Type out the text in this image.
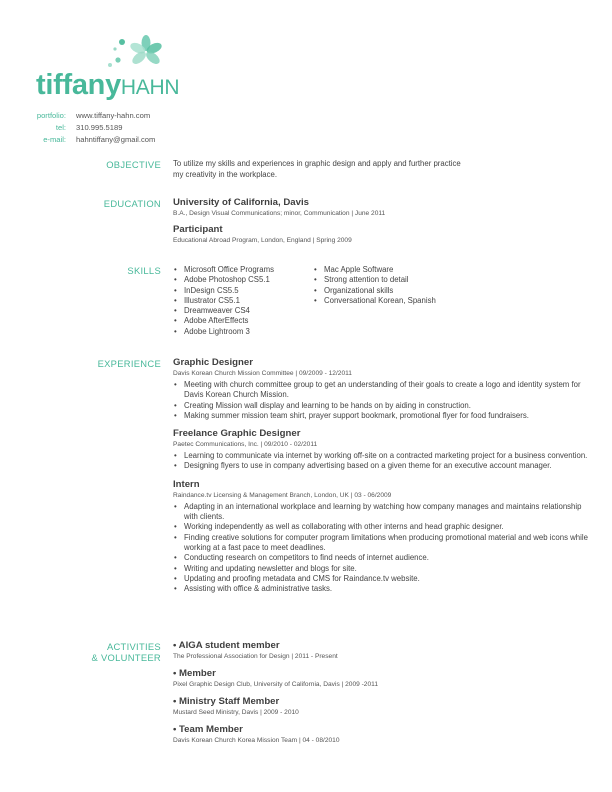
tiffanyHAHN
portfolio:	www.tiffany-hahn.com
tel:	310.995.5189
e-mail:	hahntiffany@gmail.com
OBJECTIVE To utilize my skills and experiences in graphic design and apply and further practice
my creativity in the workplace.
EDUCATION University of California, Davis
B.A., Design Visual Communications; minor, Communication | June 2011
Participant
Educational Abroad Program, London, England | Spring 2009
SKILLS
•	Microsoft Office Programs
• Adobe Photoshop CS5.1
• InDesign CS5.5
• Illustrator CS5.1
• Dreamweaver CS4
• Adobe AfterEffects
• Adobe Lightroom 3
• Mac Apple Software
• Strong attention to detail
• Organizational skills
• Conversational Korean, Spanish
EXPERIENCE Graphic Designer
Davis Korean Church Mission Committee | 09/2009 - 12/2011
• Meeting with church committee group to get an understanding of their goals to create a logo and identity system for Davis Korean Church Mission.
• Creating Mission wall display and learning to be hands on by aiding in construction.
• Making summer mission team shirt, prayer support bookmark, promotional flyer for food fundraisers.
Freelance Graphic Designer
Paetec Communications, Inc. | 09/2010 - 02/2011
• Learning to communicate via internet by working off-site on a contracted marketing project for a business convention.
• Designing flyers to use in company advertising based on a given theme for an executive account manager.
Intern
Raindance.tv Licensing & Management Branch, London, UK | 03 - 06/2009
• Adapting in an international workplace and learning by watching how company manages and maintains relationship with clients.
• Working independently as well as collaborating with other interns and head graphic designer.
• Finding creative solutions for computer program limitations when producing promotional material and web icons while working at a fast pace to meet deadlines.
• Conducting research on competitors to find needs of internet audience.
• Writing and updating newsletter and blogs for site.
• Updating and proofing metadata and CMS for Raindance.tv website.
• Assisting with office & administrative tasks.
ACTIVITIES
& VOLUNTEER
• AIGA student member
The Professional Association for Design | 2011 - Present
• Member
Pixel Graphic Design Club, University of California, Davis | 2009 -2011
• Ministry Staff Member
Mustard Seed Ministry, Davis | 2009 - 2010
• Team Member
Davis Korean Church Korea Mission Team | 04 - 08/2010
